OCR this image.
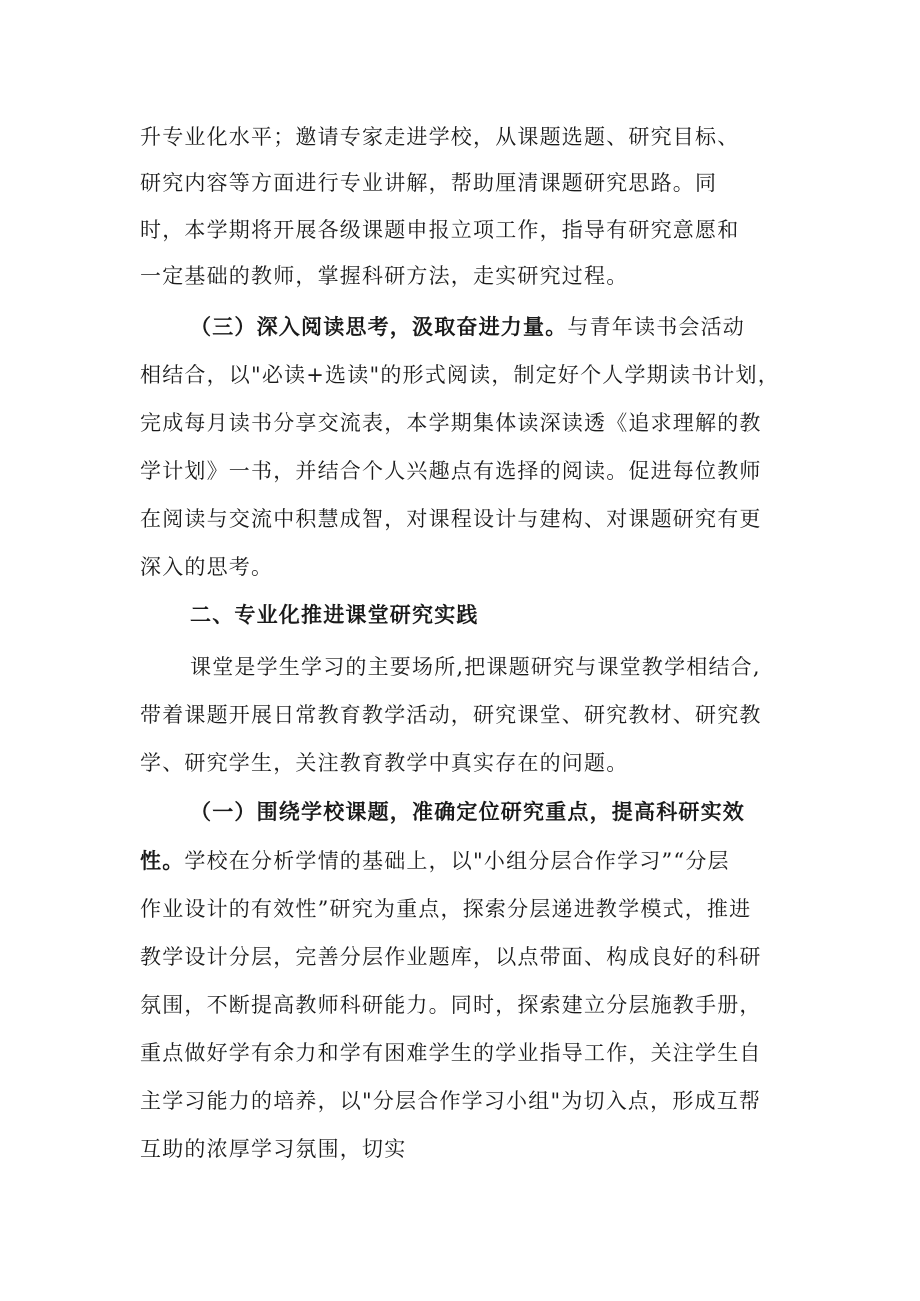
升专业化水平；邀请专家走进学校，从课题选题、研究目标、
研究内容等方面进行专业讲解，帮助厘清课题研究思路。同
时，本学期将开展各级课题申报立项工作，指导有研究意愿和
一定基础的教师，掌握科研方法，走实研究过程。
（三）深入阅读思考，汲取奋进力量。与青年读书会活动
相结合，以"必读+选读"的形式阅读，制定好个人学期读书计划，
完成每月读书分享交流表，本学期集体读深读透《追求理解的教
学计划》一书，并结合个人兴趣点有选择的阅读。促进每位教师
在阅读与交流中积慧成智，对课程设计与建构、对课题研究有更
深入的思考。
二、专业化推进课堂研究实践
课堂是学生学习的主要场所,把课题研究与课堂教学相结合,
带着课题开展日常教育教学活动，研究课堂、研究教材、研究教
学、研究学生，关注教育教学中真实存在的问题。
（一）围绕学校课题，准确定位研究重点，提高科研实效
性。学校在分析学情的基础上，以"小组分层合作学习”“分层
作业设计的有效性”研究为重点，探索分层递进教学模式，推进
教学设计分层，完善分层作业题库，以点带面、构成良好的科研
氛围，不断提高教师科研能力。同时，探索建立分层施教手册，
重点做好学有余力和学有困难学生的学业指导工作，关注学生自
主学习能力的培养，以"分层合作学习小组"为切入点，形成互帮
互助的浓厚学习氛围，切实
